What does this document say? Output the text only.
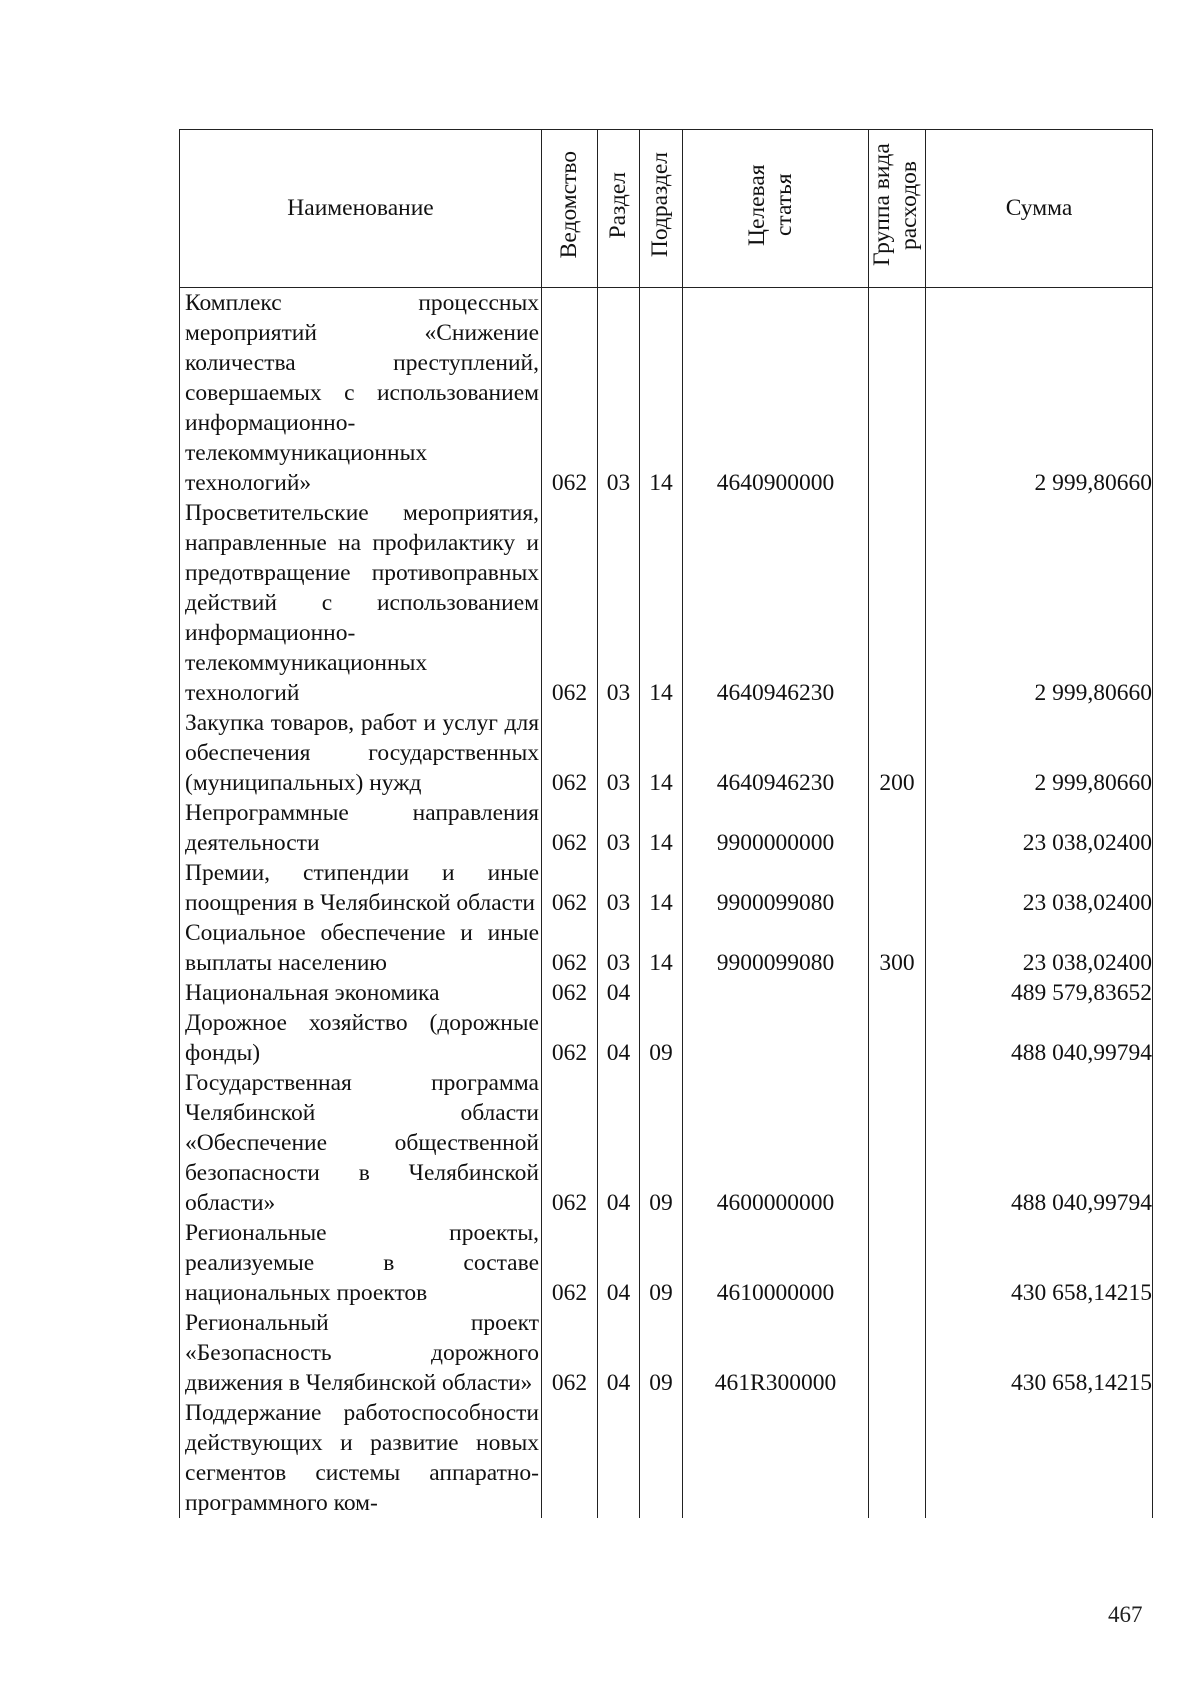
Наименование	Ведомство	Раздел	Подраздел	Целевая статья	Группа вида расходов	Сумма
Комплекс процессных мероприятий «Снижение количества преступлений, совершаемых с использованием информационно-телекоммуникационных технологий»	062	03	14	4640900000		2 999,80660
Просветительские мероприятия, направленные на профилактику и предотвращение противоправных действий с использованием информационно-телекоммуникационных технологий	062	03	14	4640946230		2 999,80660
Закупка товаров, работ и услуг для обеспечения государственных (муниципальных) нужд	062	03	14	4640946230	200	2 999,80660
Непрограммные направления деятельности	062	03	14	9900000000		23 038,02400
Премии, стипендии и иные поощрения в Челябинской области	062	03	14	9900099080		23 038,02400
Социальное обеспечение и иные выплаты населению	062	03	14	9900099080	300	23 038,02400
Национальная экономика	062	04				489 579,83652
Дорожное хозяйство (дорожные фонды)	062	04	09			488 040,99794
Государственная программа Челябинской области «Обеспечение общественной безопасности в Челябинской области»	062	04	09	4600000000		488 040,99794
Региональные проекты, реализуемые в составе национальных проектов	062	04	09	4610000000		430 658,14215
Региональный проект «Безопасность дорожного движения в Челябинской области»	062	04	09	461R300000		430 658,14215
Поддержание работоспособности действующих и развитие новых сегментов системы аппаратно-программного ком-						
467
